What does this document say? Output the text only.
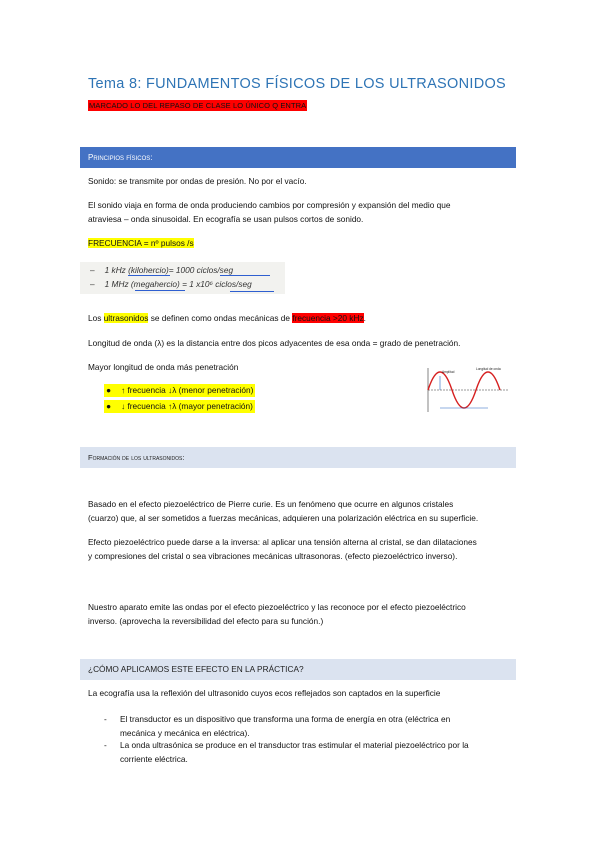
Tema 8: FUNDAMENTOS FÍSICOS DE LOS ULTRASONIDOS
MARCADO LO DEL REPASO DE CLASE LO ÚNICO Q ENTRA
Principios físicos:
Sonido: se transmite por ondas de presión. No por el vacío.
El sonido viaja en forma de onda produciendo cambios por compresión y expansión del medio que
atraviesa – onda sinusoidal. En ecografía se usan pulsos cortos de sonido.
FRECUENCIA = nº pulsos /s
– 1 kHz (kilohercio)= 1000 ciclos/seg
– 1 MHz (megahercio) = 1 x10⁶ ciclos/seg
Los ultrasonidos se definen como ondas mecánicas de frecuencia >20 kHz.
Longitud de onda (λ) es la distancia entre dos picos adyacentes de esa onda = grado de penetración.
Mayor longitud de onda más penetración
● ↑ frecuencia ↓λ (menor penetración)
● ↓ frecuencia ↑λ (mayor penetración)
Amplitud
Longitud de onda
Formación de los ultrasonidos:
Basado en el efecto piezoeléctrico de Pierre curie. Es un fenómeno que ocurre en algunos cristales
(cuarzo) que, al ser sometidos a fuerzas mecánicas, adquieren una polarización eléctrica en su superficie.
Efecto piezoeléctrico puede darse a la inversa: al aplicar una tensión alterna al cristal, se dan dilataciones
y compresiones del cristal o sea vibraciones mecánicas ultrasonoras. (efecto piezoeléctrico inverso).
Nuestro aparato emite las ondas por el efecto piezoeléctrico y las reconoce por el efecto piezoeléctrico
inverso. (aprovecha la reversibilidad del efecto para su función.)
¿CÓMO APLICAMOS ESTE EFECTO EN LA PRÁCTICA?
La ecografía usa la reflexión del ultrasonido cuyos ecos reflejados son captados en la superficie
- El transductor es un dispositivo que transforma una forma de energía en otra (eléctrica en
mecánica y mecánica en eléctrica).
- La onda ultrasónica se produce en el transductor tras estimular el material piezoeléctrico por la
corriente eléctrica.
